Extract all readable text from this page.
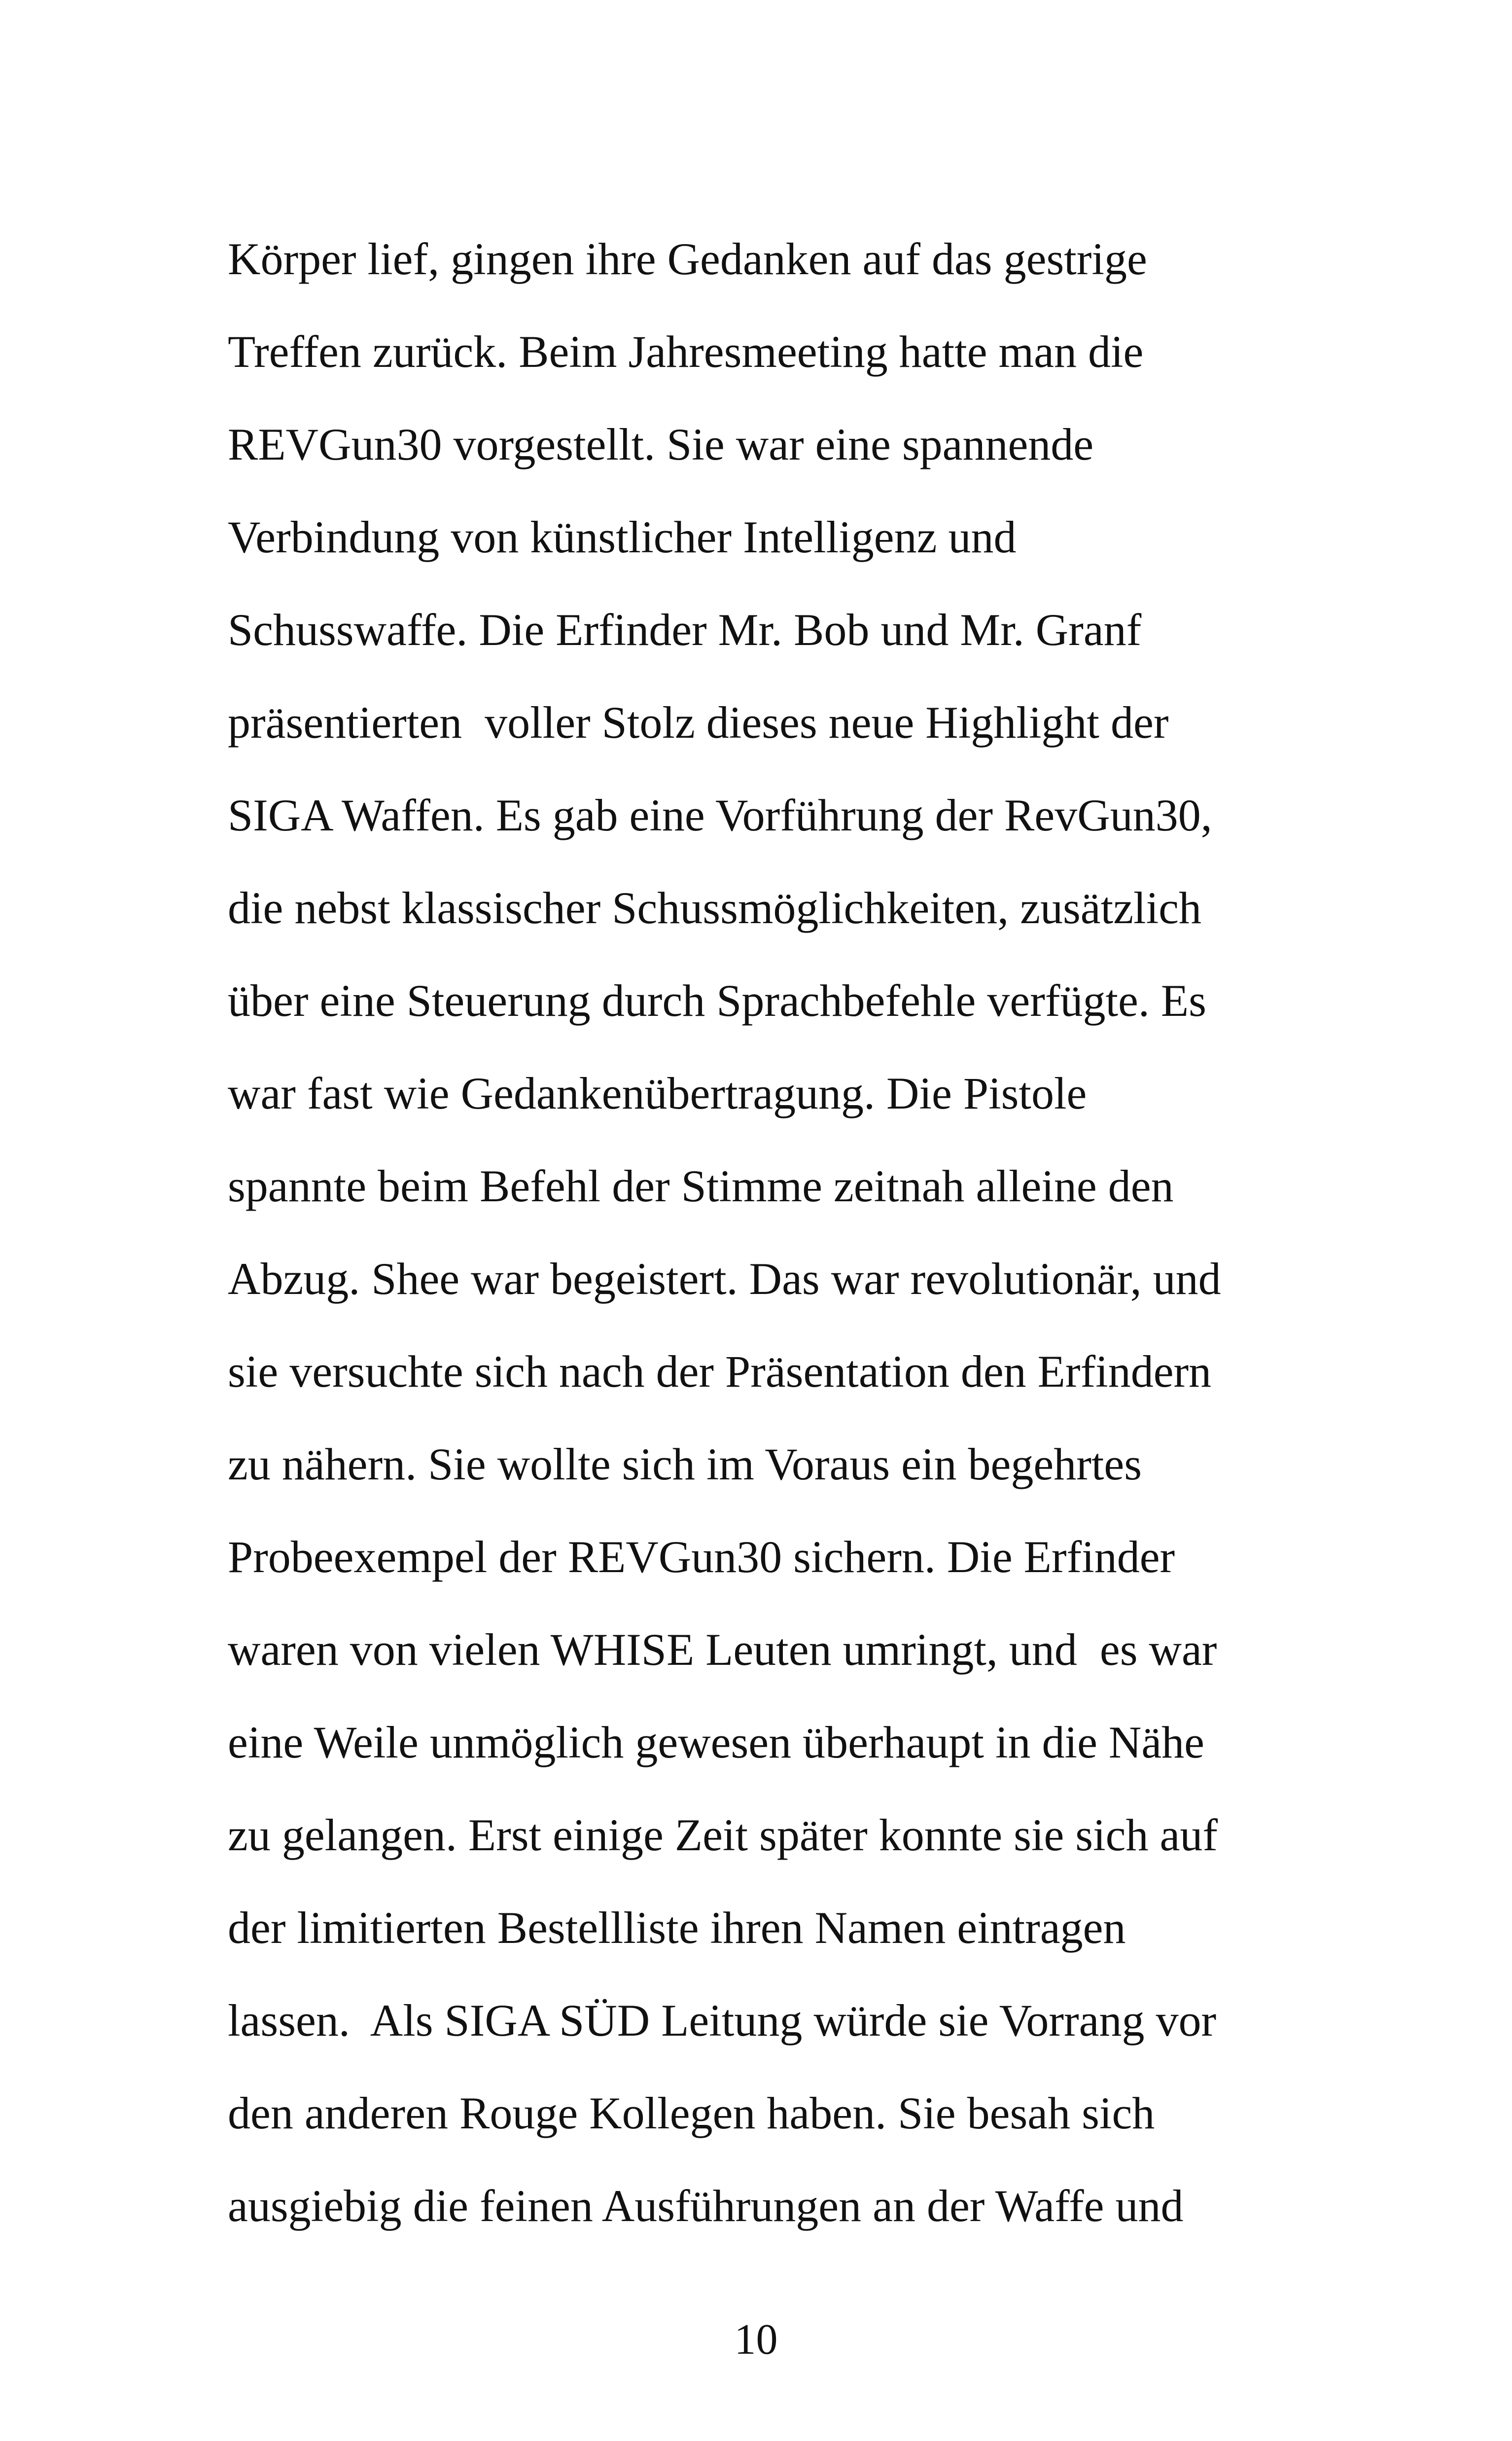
Körper lief, gingen ihre Gedanken auf das gestrige
Treffen zurück. Beim Jahresmeeting hatte man die
REVGun30 vorgestellt. Sie war eine spannende
Verbindung von künstlicher Intelligenz und
Schusswaffe. Die Erfinder Mr. Bob und Mr. Granf
präsentierten  voller Stolz dieses neue Highlight der
SIGA Waffen. Es gab eine Vorführung der RevGun30,
die nebst klassischer Schussmöglichkeiten, zusätzlich
über eine Steuerung durch Sprachbefehle verfügte. Es
war fast wie Gedankenübertragung. Die Pistole
spannte beim Befehl der Stimme zeitnah alleine den
Abzug. Shee war begeistert. Das war revolutionär, und
sie versuchte sich nach der Präsentation den Erfindern
zu nähern. Sie wollte sich im Voraus ein begehrtes
Probeexempel der REVGun30 sichern. Die Erfinder
waren von vielen WHISE Leuten umringt, und  es war
eine Weile unmöglich gewesen überhaupt in die Nähe
zu gelangen. Erst einige Zeit später konnte sie sich auf
der limitierten Bestellliste ihren Namen eintragen
lassen.  Als SIGA SÜD Leitung würde sie Vorrang vor
den anderen Rouge Kollegen haben. Sie besah sich
ausgiebig die feinen Ausführungen an der Waffe und
10
